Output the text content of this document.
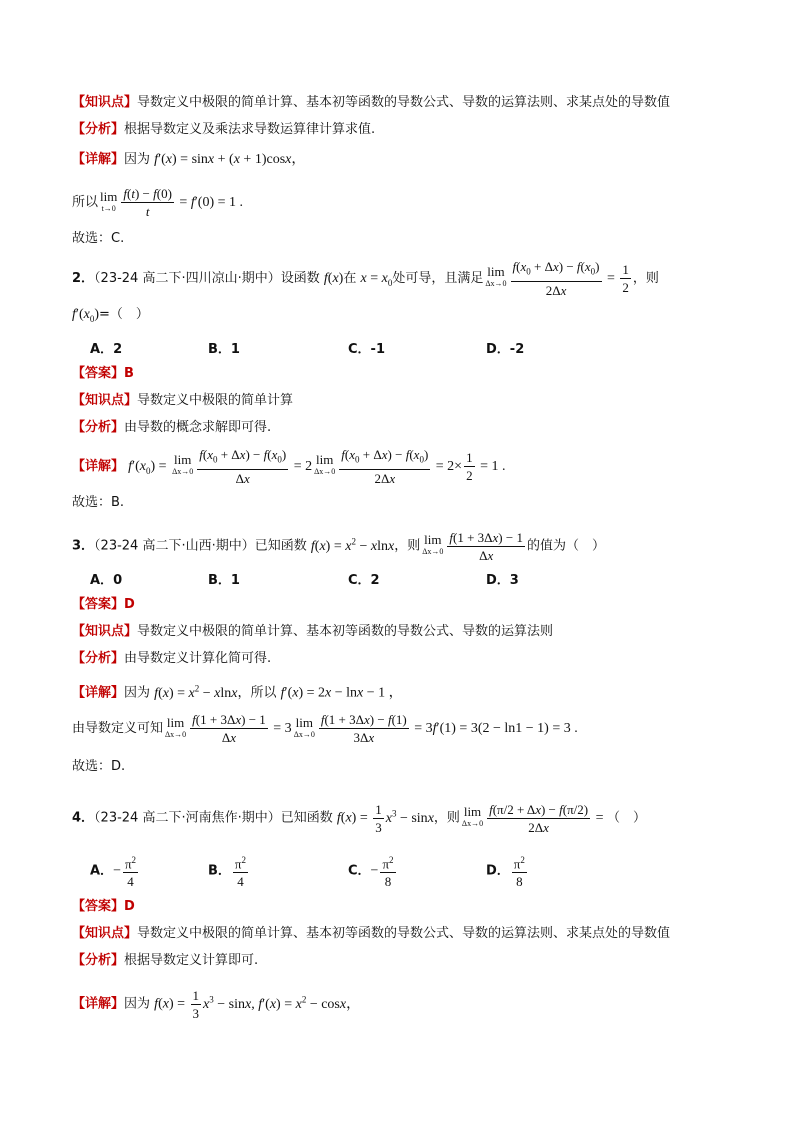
【知识点】导数定义中极限的简单计算、基本初等函数的导数公式、导数的运算法则、求某点处的导数值
【分析】根据导数定义及乘法求导数运算律计算求值.
【详解】因为 f′(x) = sinx + (x + 1)cosx，
所以 lim
$t\to 0 \frac{f(t) - f(0)}{t} = f'(0) = 1$ .
故选：C.
2．（23-24 高二下·四川凉山·期中）设函数 f(x)在 $x = x_0$处可导，且满足 lim
$\Delta x\to 0 \frac{f(x_0 + \Delta x) - f(x_0)}{2\Delta x} = \frac{1}{2}$ ，则
$f'(x_0)=$（　）
A．2	B．1	C．-1	D．-2
【答案】B
【知识点】导数定义中极限的简单计算
【分析】由导数的概念求解即可得.
【详解】 $f'(x_0) = \lim$
$\Delta x\to 0 \frac{f(x_0 + \Delta x) - f(x_0)}{\Delta x} = 2$ lim
$\Delta x\to 0 \frac{f(x_0 + \Delta x) - f(x_0)}{2\Delta x} = 2\times \frac{1}{2} = 1$ .
故选：B.
3．（23-24 高二下·山西·期中）已知函数 $f(x) = x^2 - xlnx$，则 lim
$\Delta x\to 0 \frac{f(1 + 3\Delta x) - 1}{\Delta x}$ 的值为（　）
A．0	B．1	C．2	D．3
【答案】D
【知识点】导数定义中极限的简单计算、基本初等函数的导数公式、导数的运算法则
【分析】由导数定义计算化简可得.
【详解】因为 $f(x) = x^2 - xlnx$，所以 f′(x) = 2x − lnx − 1 ，
由导数定义可知 lim
$\Delta x\to 0 \frac{f(1 + 3\Delta x) - 1}{\Delta x} = 3$ lim
$\Delta x\to 0 \frac{f(1 + 3\Delta x) - f(1)}{3\Delta x} = 3f'(1) = 3(2 - \ln 1 - 1) = 3$ .
故选：D.
4．（23-24 高二下·河南焦作·期中）已知函数 $f(x) = \frac{1}{3} x^3 - \sin x$，则 lim
$\Delta x\to 0 \frac{f(\pi/2 + \Delta x) - f(\pi/2)}{2\Delta x}$ = （　）
A．− $\frac{\pi^2}{4}$	B． $\frac{\pi^2}{4}$	C．− $\frac{\pi^2}{8}$	D． $\frac{\pi^2}{8}$
【答案】D
【知识点】导数定义中极限的简单计算、基本初等函数的导数公式、导数的运算法则、求某点处的导数值
【分析】根据导数定义计算即可.
【详解】因为 $f(x) = \frac{1}{3} x^3 - \sin x$, $f'(x) = x^2 - \cos x$，
